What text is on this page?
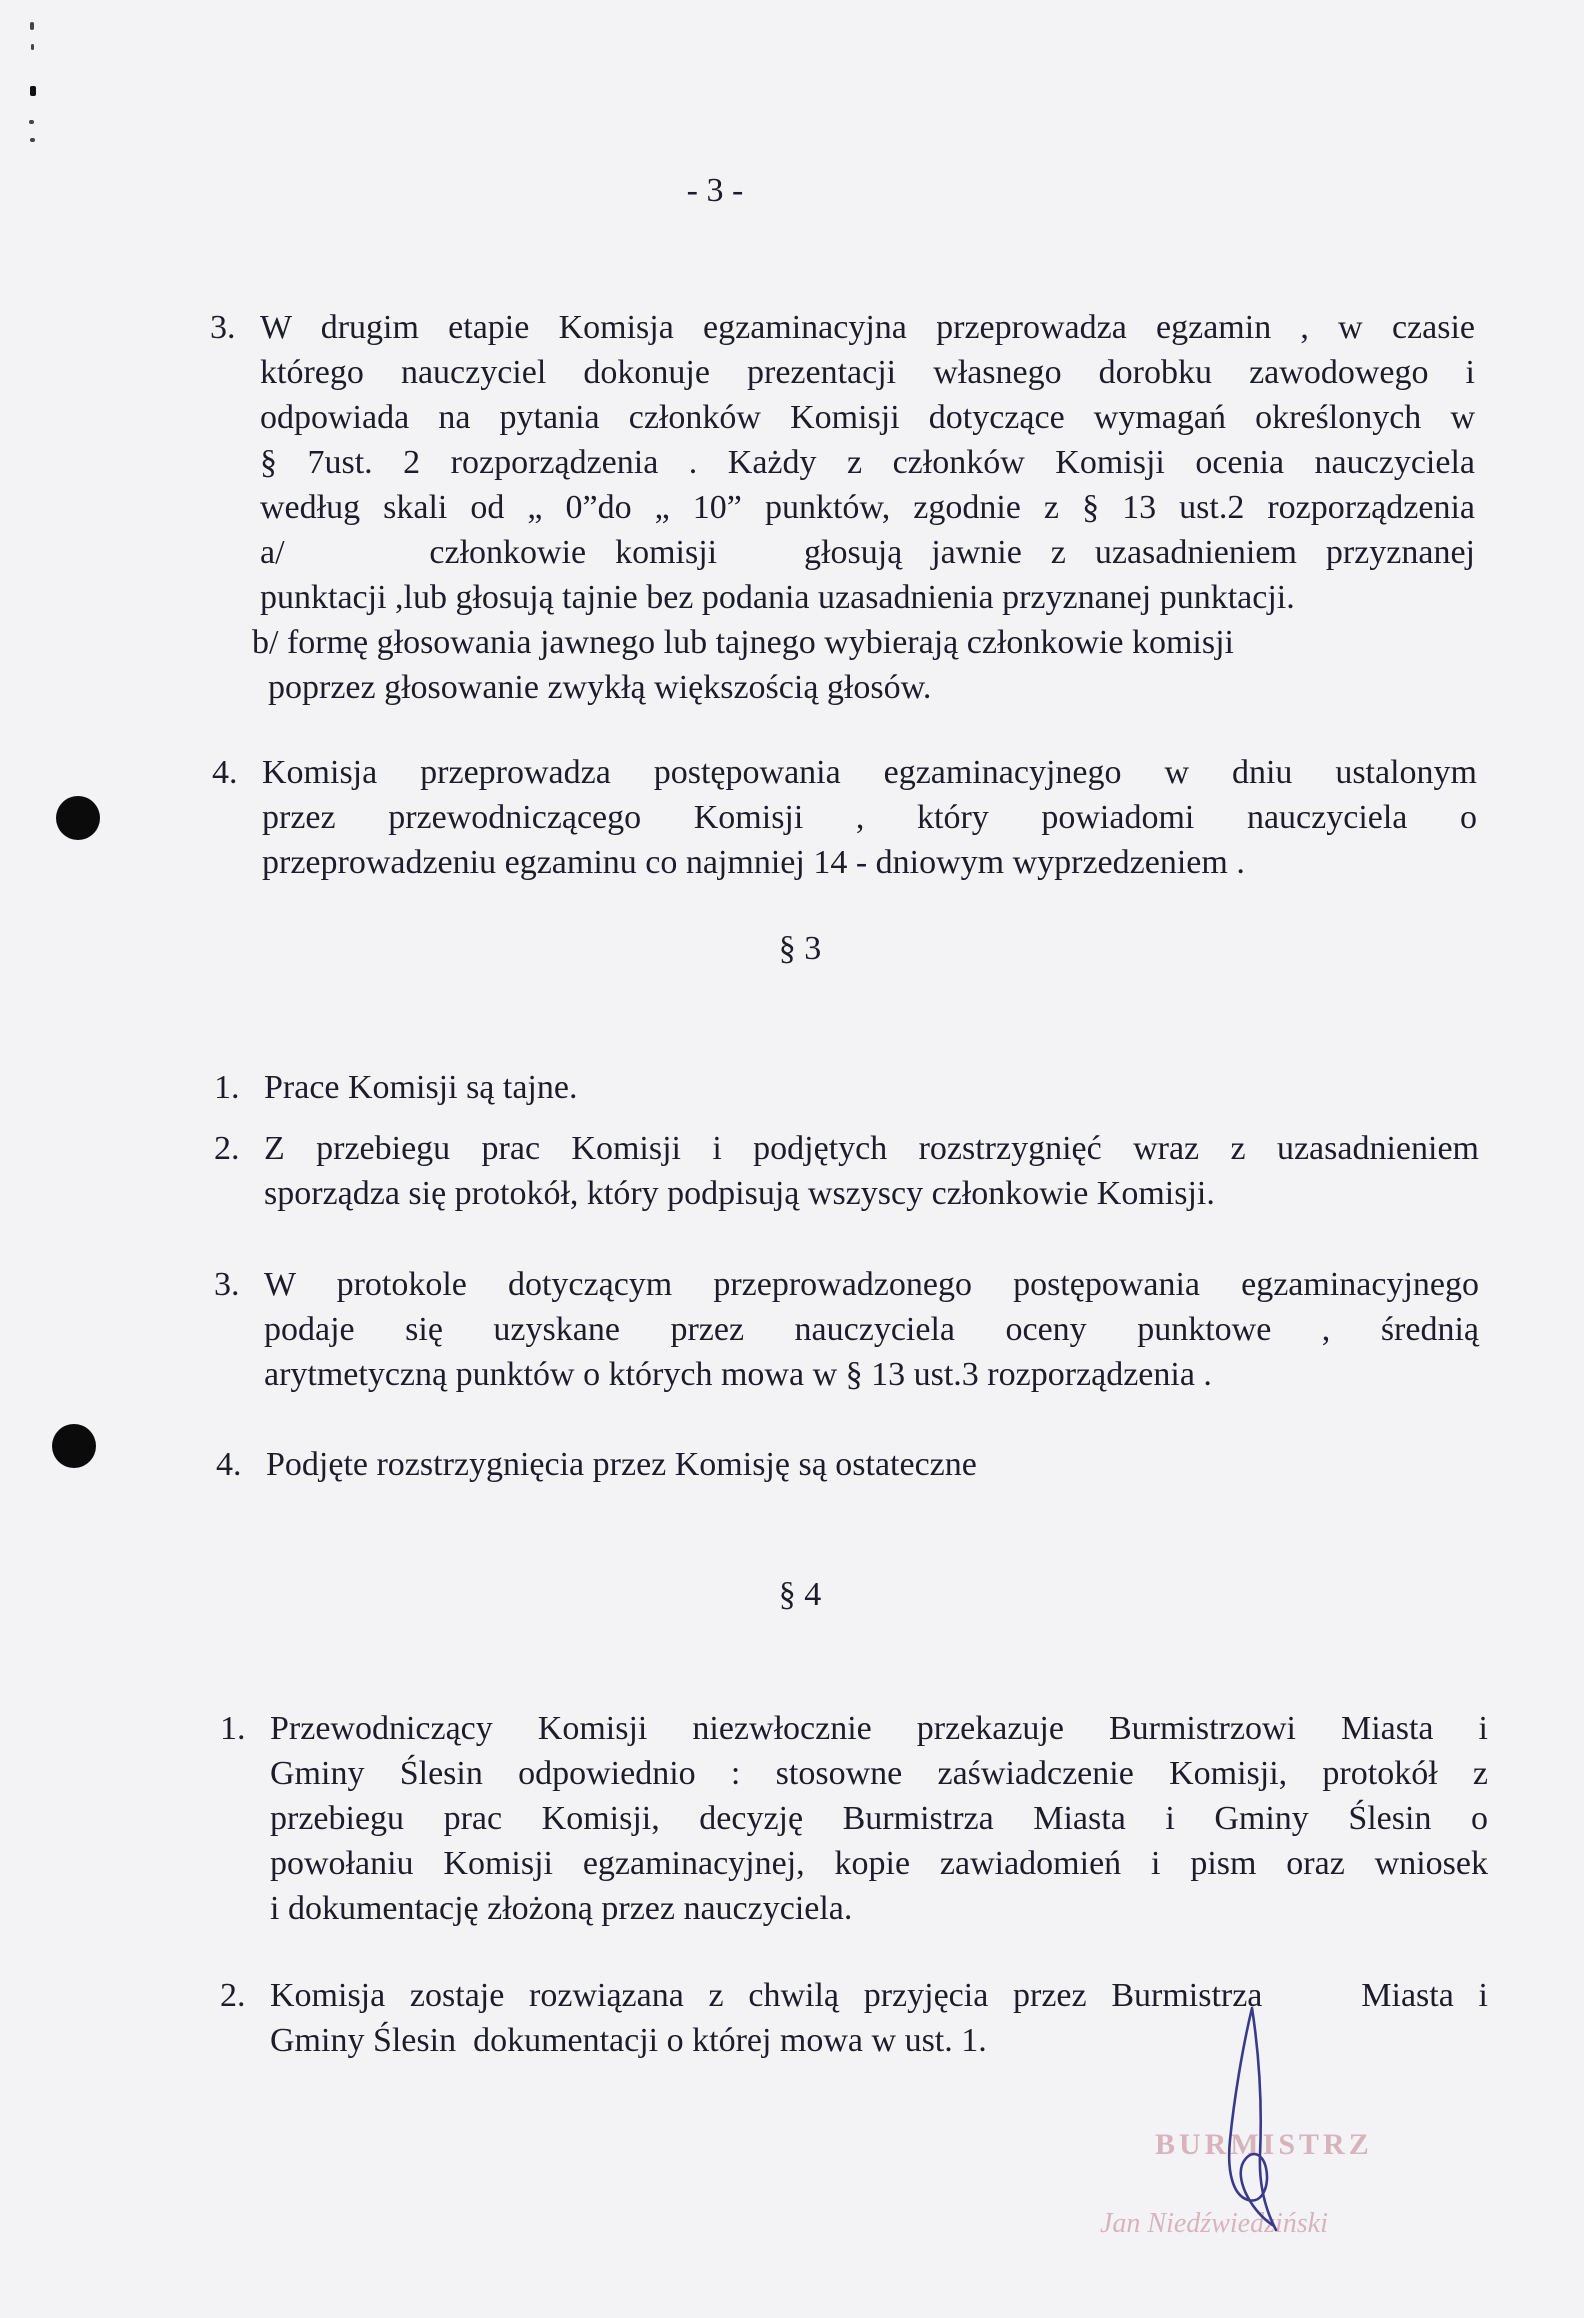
- 3 -
3. W drugim etapie Komisja egzaminacyjna przeprowadza egzamin , w czasie
którego nauczyciel dokonuje prezentacji własnego dorobku zawodowego i
odpowiada na pytania członków Komisji dotyczące wymagań określonych w
§ 7ust. 2 rozporządzenia . Każdy z członków Komisji ocenia nauczyciela
według skali od „ 0”do „ 10” punktów, zgodnie z § 13 ust.2 rozporządzenia
a/     członkowie komisji   głosują jawnie z uzasadnieniem przyznanej
punktacji ,lub głosują tajnie bez podania uzasadnienia przyznanej punktacji.
b/ formę głosowania jawnego lub tajnego wybierają członkowie komisji
poprzez głosowanie zwykłą większością głosów.
4. Komisja przeprowadza postępowania egzaminacyjnego w dniu ustalonym
przez przewodniczącego Komisji , który powiadomi nauczyciela o
przeprowadzeniu egzaminu co najmniej 14 - dniowym wyprzedzeniem .
§ 3
1. Prace Komisji są tajne.
2. Z przebiegu prac Komisji i podjętych rozstrzygnięć wraz z uzasadnieniem
sporządza się protokół, który podpisują wszyscy członkowie Komisji.
3. W protokole dotyczącym przeprowadzonego postępowania egzaminacyjnego
podaje się uzyskane przez nauczyciela oceny punktowe , średnią
arytmetyczną punktów o których mowa w § 13 ust.3 rozporządzenia .
4. Podjęte rozstrzygnięcia przez Komisję są ostateczne
§ 4
1. Przewodniczący Komisji niezwłocznie przekazuje Burmistrzowi Miasta i
Gminy Ślesin odpowiednio : stosowne zaświadczenie Komisji, protokół z
przebiegu prac Komisji, decyzję Burmistrza Miasta i Gminy Ślesin o
powołaniu Komisji egzaminacyjnej, kopie zawiadomień i pism oraz wniosek
i dokumentację złożoną przez nauczyciela.
2. Komisja zostaje rozwiązana z chwilą przyjęcia przez Burmistrza    Miasta i
Gminy Ślesin  dokumentacji o której mowa w ust. 1.
BURMISTRZ
Jan Niedźwiedziński
